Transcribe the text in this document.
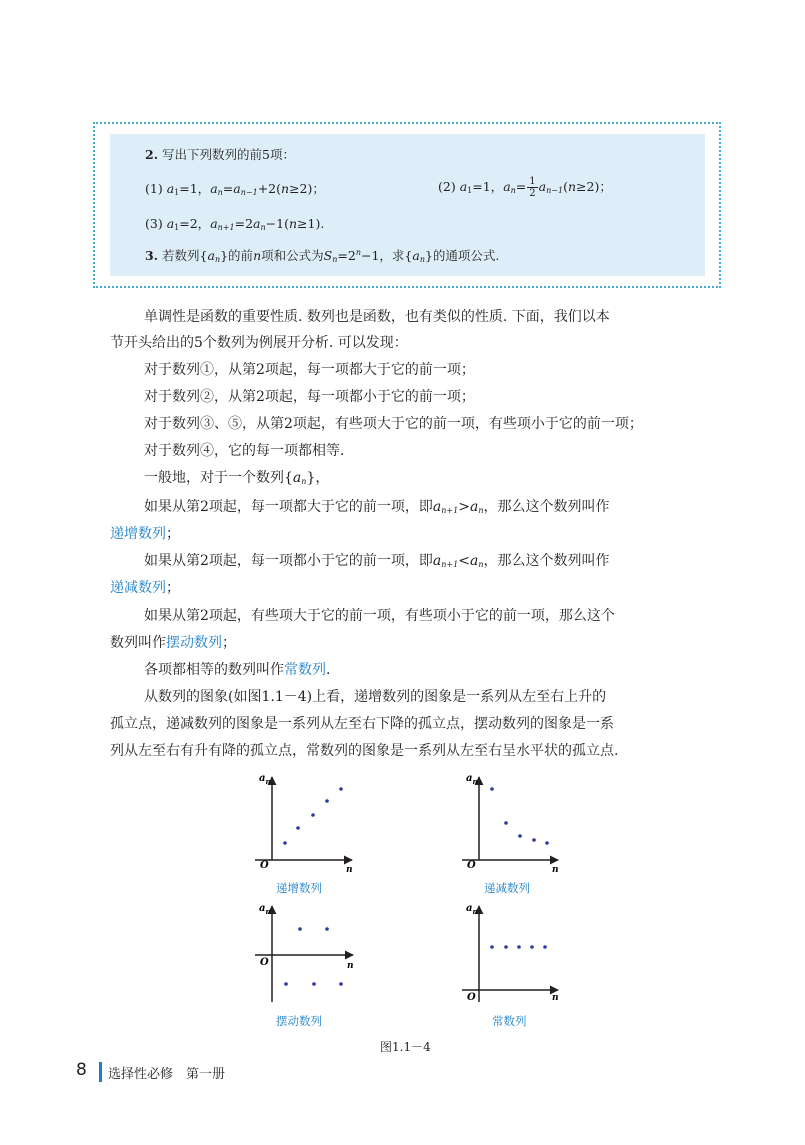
2. 写出下列数列的前5项：
(1) $a_1=1$，$a_n=a_{n-1}+2(n\ge 2)$；	(2) $a_1=1$，$a_n= \frac{1}{2} a_{n-1}(n\ge 2)$；
(3) $a_1=2$，$a_{n+1}=2a_n-1(n\ge 1)$.
3. 若数列$\{a_n\}$的前n项和公式为$S_n=2^n-1$，求$\{a_n\}$的通项公式.
单调性是函数的重要性质. 数列也是函数，也有类似的性质. 下面，我们以本
节开头给出的5个数列为例展开分析. 可以发现：
对于数列①，从第2项起，每一项都大于它的前一项；
对于数列②，从第2项起，每一项都小于它的前一项；
对于数列③、⑤，从第2项起，有些项大于它的前一项，有些项小于它的前一项；
对于数列④，它的每一项都相等.
一般地，对于一个数列$\{a_n\}$，
如果从第2项起，每一项都大于它的前一项，即$a_{n+1}>a_n$，那么这个数列叫作
递增数列；
如果从第2项起，每一项都小于它的前一项，即$a_{n+1}<a_n$，那么这个数列叫作
递减数列；
如果从第2项起，有些项大于它的前一项，有些项小于它的前一项，那么这个
数列叫作摆动数列；
各项都相等的数列叫作常数列.
从数列的图象(如图1.1－4)上看，递增数列的图象是一系列从左至右上升的
孤立点，递减数列的图象是一系列从左至右下降的孤立点，摆动数列的图象是一系
列从左至右有升有降的孤立点，常数列的图象是一系列从左至右呈水平状的孤立点.
$a_n$
n
O
$a_n$
n
O
$a_n$
n
O
$a_n$
n
O
递增数列	递减数列
摆动数列	常数列
图1.1－4
8 选择性必修　第一册
